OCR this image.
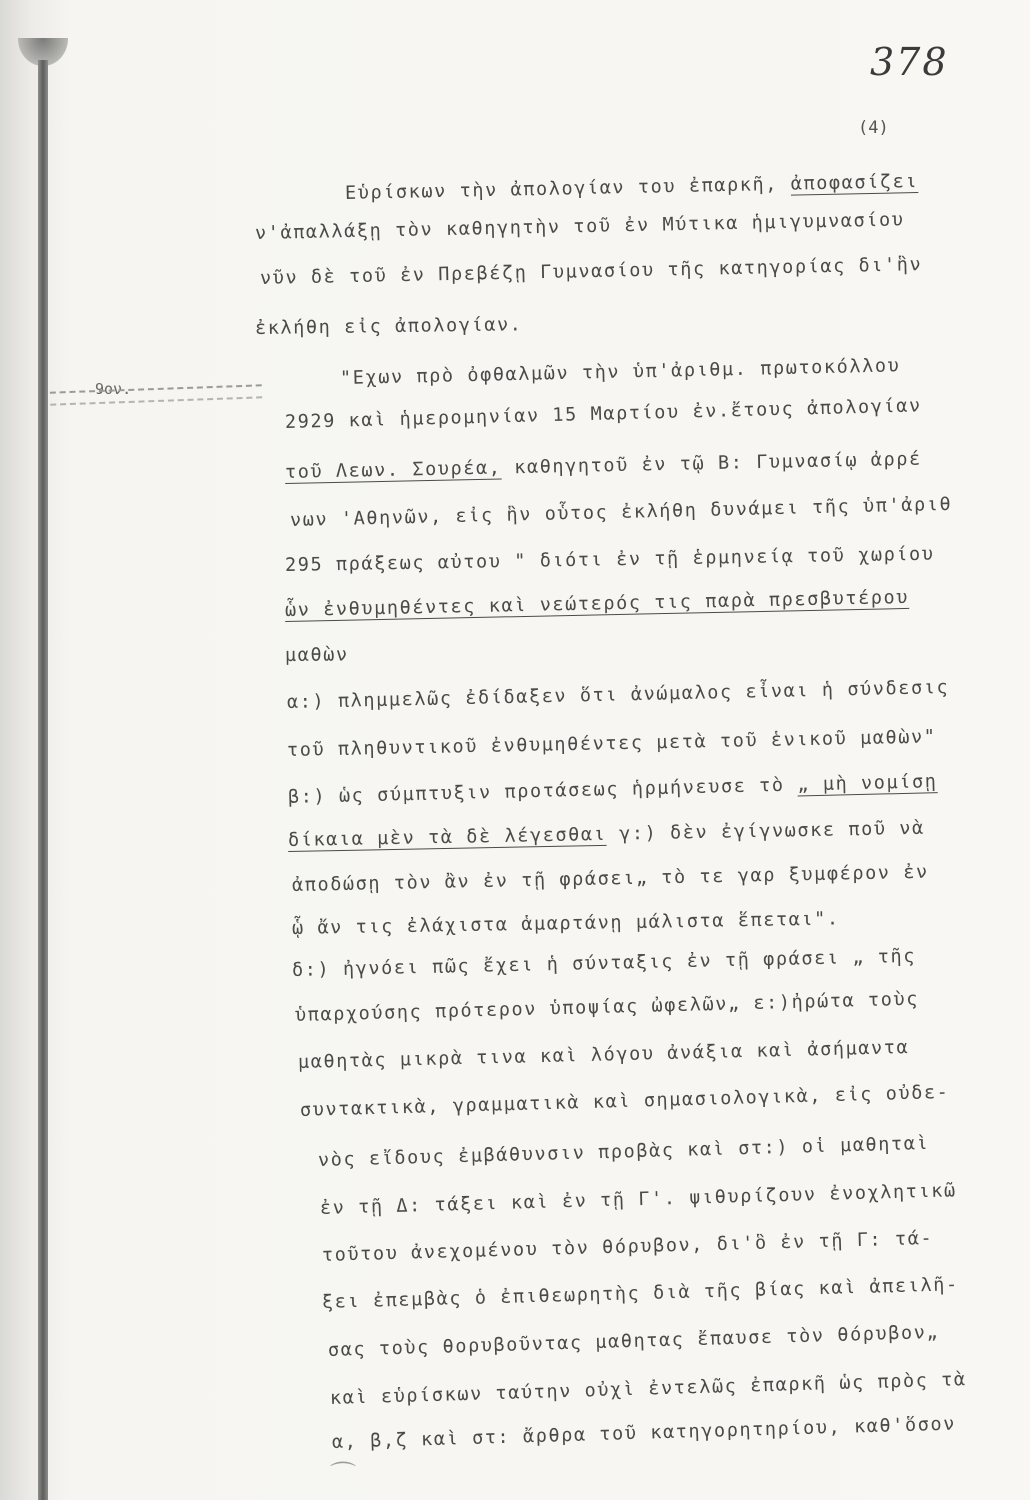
378
(4)
9ον.
Εὑρίσκων τὴν ἀπολογίαν του ἐπαρκῆ, ἀποφασίζει
ν'ἀπαλλάξῃ τὸν καθηγητὴν τοῦ ἐν Μύτικα ἡμιγυμνασίου
νῦν δὲ τοῦ ἐν Πρεβέζῃ Γυμνασίου τῆς κατηγορίας δι'ἣν
ἐκλήθη εἰς ἀπολογίαν.
"Εχων πρὸ ὀφθαλμῶν τὴν ὑπ'ἀριθμ. πρωτοκόλλου
2929 καὶ ἡμερομηνίαν 15 Μαρτίου ἐν.ἔτους ἀπολογίαν
τοῦ Λεων. Σουρέα, καθηγητοῦ ἐν τῷ Β: Γυμνασίῳ ἀρρέ
νων 'Αθηνῶν, εἰς ἣν οὗτος ἐκλήθη δυνάμει τῆς ὑπ'ἀριθ
295 πράξεως αὐτου " διότι ἐν τῇ ἑρμηνείᾳ τοῦ χωρίου
ὧν ἐνθυμηθέντες καὶ νεώτερός τις παρὰ πρεσβυτέρου
μαθὼν
α:) πλημμελῶς ἐδίδαξεν ὅτι ἀνώμαλος εἶναι ἡ σύνδεσις
τοῦ πληθυντικοῦ ἐνθυμηθέντες μετὰ τοῦ ἑνικοῦ μαθὼν"
β:) ὡς σύμπτυξιν προτάσεως ἡρμήνευσε τὸ „ μὴ νομίσῃ
δίκαια μὲν τὰ δὲ λέγεσθαι γ:) δὲν ἐγίγνωσκε ποῦ νὰ
ἀποδώσῃ τὸν ἂν ἐν τῇ φράσει„ τὸ τε γαρ ξυμφέρον ἐν
ᾧ ἄν τις ἐλάχιστα ἁμαρτάνῃ μάλιστα ἕπεται".
δ:) ἠγνόει πῶς ἔχει ἡ σύνταξις ἐν τῇ φράσει „ τῆς
ὑπαρχούσης πρότερον ὑποψίας ὠφελῶν„ ε:)ἠρώτα τοὺς
μαθητὰς μικρὰ τινα καὶ λόγου ἀνάξια καὶ ἀσήμαντα
συντακτικὰ, γραμματικὰ καὶ σημασιολογικὰ, εἰς οὐδε-
νὸς εἴδους ἐμβάθυνσιν προβὰς καὶ στ:) οἱ μαθηταὶ
ἐν τῇ Δ: τάξει καὶ ἐν τῇ Γ'. ψιθυρίζουν ἐνοχλητικῶ
τοῦτου ἀνεχομένου τὸν θόρυβον, δι'ὃ ἐν τῇ Γ: τά-
ξει ἐπεμβὰς ὁ ἐπιθεωρητὴς διὰ τῆς βίας καὶ ἀπειλῆ-
σας τοὺς θορυβοῦντας μαθητας ἔπαυσε τὸν θόρυβον„
καὶ εὑρίσκων ταύτην οὐχὶ ἐντελῶς ἐπαρκῆ ὡς πρὸς τὰ
α, β,ζ καὶ στ: ἄρθρα τοῦ κατηγορητηρίου, καθ'ὅσον
⌒
